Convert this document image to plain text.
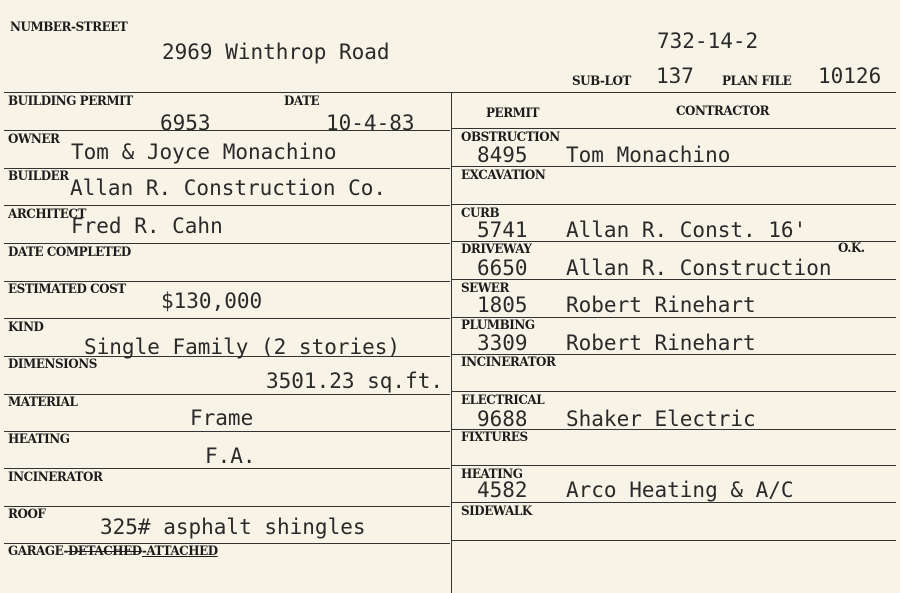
NUMBER-STREET
2969 Winthrop Road	732-14-2
SUB-LOT 137 PLAN FILE 10126
BUILDING PERMIT	DATE
6953	10-4-83
OWNER
Tom & Joyce Monachino
BUILDER Allan R. Construction Co.
ARCHITECT
Fred R. Cahn
DATE COMPLETED
ESTIMATED COST $130,000
KIND
Single Family (2 stories)
DIMENSIONS
3501.23 sq.ft.
MATERIAL
Frame
HEATING
F.A.
INCINERATOR
ROOF
325# asphalt shingles
GARAGE-DETACHED-ATTACHED
PERMIT	CONTRACTOR
OBSTRUCTION
8495 Tom Monachino
EXCAVATION
CURB
5741 Allan R. Const. 16'
DRIVEWAY	O.K.
6650 Allan R. Construction
SEWER
1805 Robert Rinehart
PLUMBING
3309 Robert Rinehart
INCINERATOR
ELECTRICAL
9688 Shaker Electric
FIXTURES
HEATING
4582 Arco Heating & A/C
SIDEWALK
